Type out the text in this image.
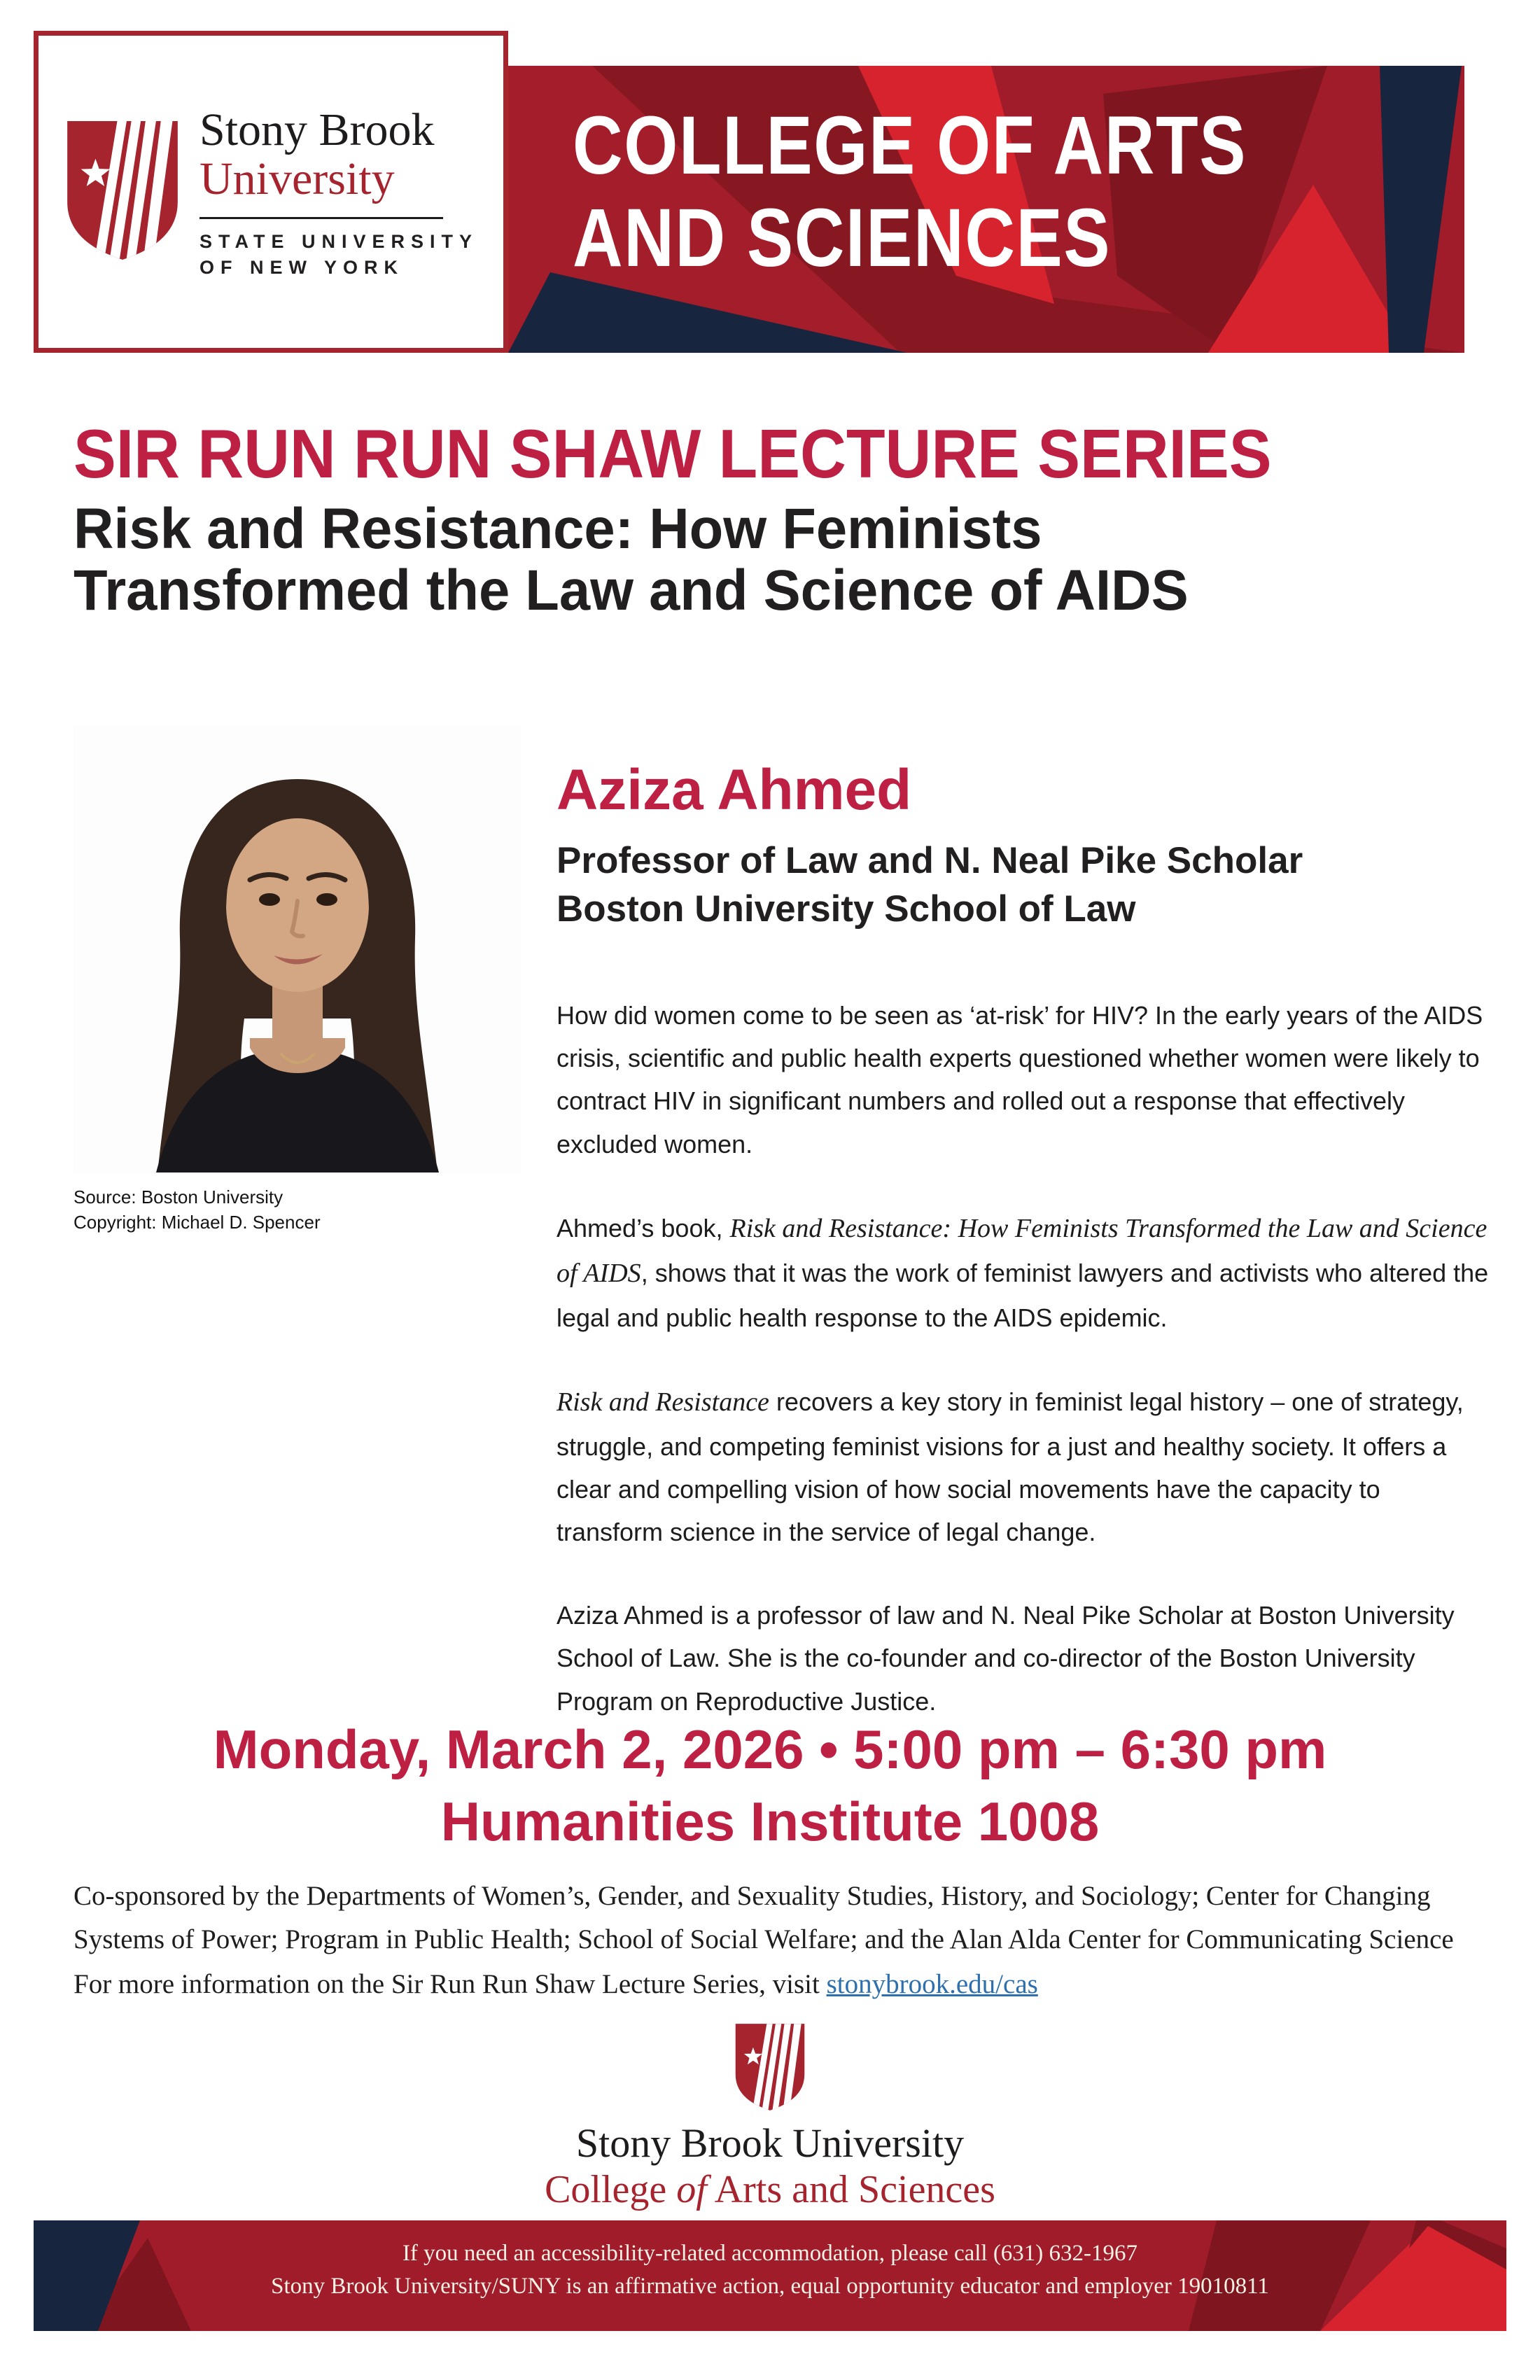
Stony Brook
University
STATE UNIVERSITY
OF NEW YORK
COLLEGE OF ARTS
AND SCIENCES
SIR RUN RUN SHAW LECTURE SERIES
Risk and Resistance: How Feminists
Transformed the Law and Science of AIDS
Source: Boston University
Copyright: Michael D. Spencer
Aziza Ahmed
Professor of Law and N. Neal Pike Scholar
Boston University School of Law

How did women come to be seen as ‘at-risk’ for HIV? In the early years of the AIDS crisis, scientific and public health experts questioned whether women were likely to contract HIV in significant numbers and rolled out a response that effectively excluded women.

Ahmed’s book, Risk and Resistance: How Feminists Transformed the Law and Science of AIDS, shows that it was the work of feminist lawyers and activists who altered the legal and public health response to the AIDS epidemic.

Risk and Resistance recovers a key story in feminist legal history – one of strategy, struggle, and competing feminist visions for a just and healthy society. It offers a clear and compelling vision of how social movements have the capacity to transform science in the service of legal change.

Aziza Ahmed is a professor of law and N. Neal Pike Scholar at Boston University School of Law. She is the co-founder and co-director of the Boston University Program on Reproductive Justice.

Monday, March 2, 2026 • 5:00 pm – 6:30 pm
Humanities Institute 1008
Co-sponsored by the Departments of Women’s, Gender, and Sexuality Studies, History, and Sociology; Center for Changing Systems of Power; Program in Public Health; School of Social Welfare; and the Alan Alda Center for Communicating Science
For more information on the Sir Run Run Shaw Lecture Series, visit stonybrook.edu/cas
Stony Brook University
College of Arts and Sciences
If you need an accessibility-related accommodation, please call (631) 632-1967
Stony Brook University/SUNY is an affirmative action, equal opportunity educator and employer 19010811
